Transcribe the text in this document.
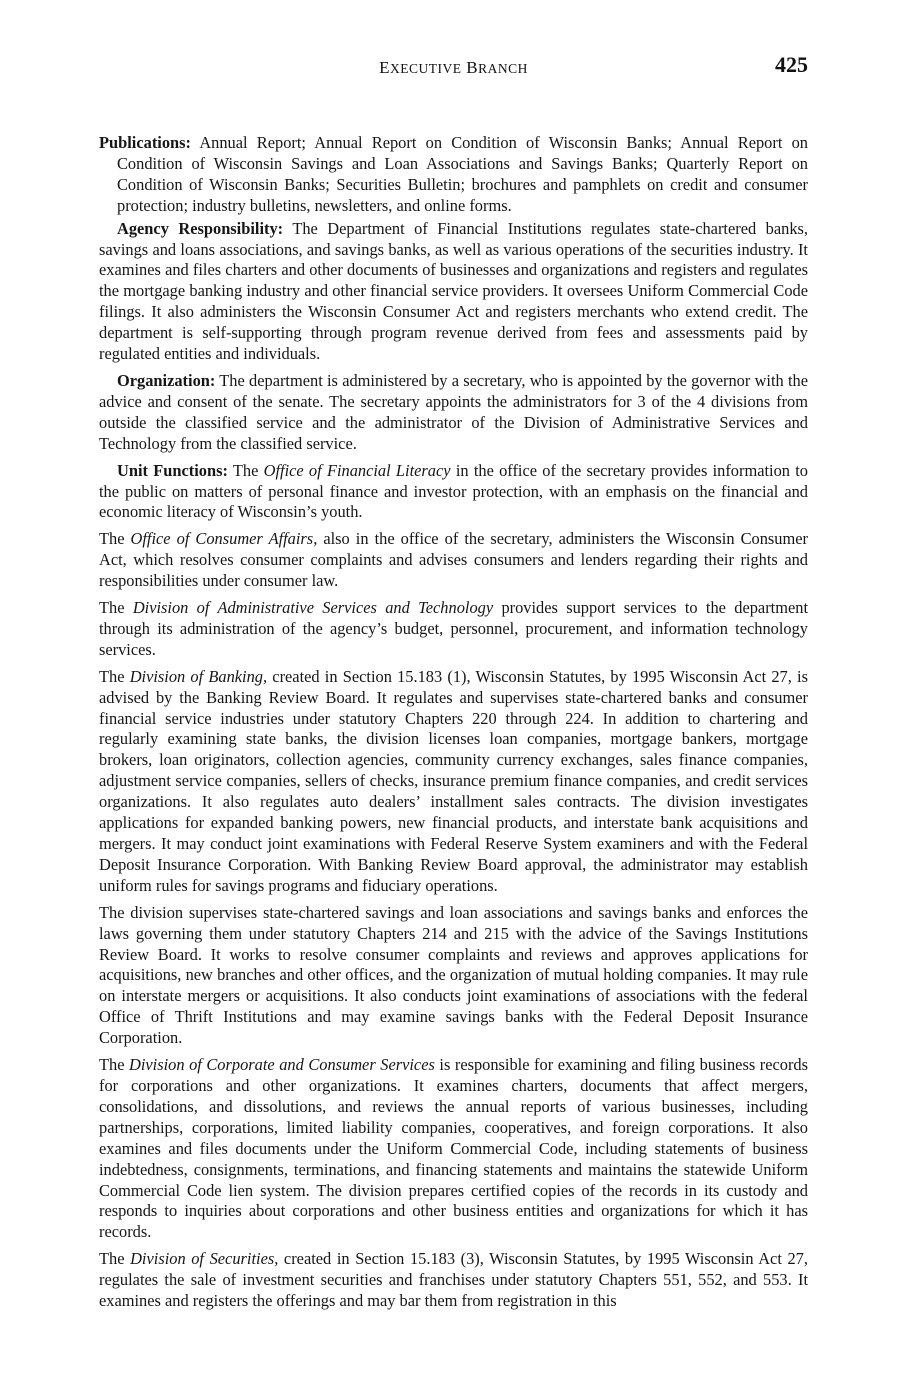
EXECUTIVE BRANCH	425

Publications: Annual Report; Annual Report on Condition of Wisconsin Banks; Annual Report on Condition of Wisconsin Savings and Loan Associations and Savings Banks; Quarterly Report on Condition of Wisconsin Banks; Securities Bulletin; brochures and pamphlets on credit and consumer protection; industry bulletins, newsletters, and online forms.

Agency Responsibility: The Department of Financial Institutions regulates state-chartered banks, savings and loans associations, and savings banks, as well as various operations of the securities industry. It examines and files charters and other documents of businesses and organizations and registers and regulates the mortgage banking industry and other financial service providers. It oversees Uniform Commercial Code filings. It also administers the Wisconsin Consumer Act and registers merchants who extend credit. The department is self-supporting through program revenue derived from fees and assessments paid by regulated entities and individuals.

Organization: The department is administered by a secretary, who is appointed by the governor with the advice and consent of the senate. The secretary appoints the administrators for 3 of the 4 divisions from outside the classified service and the administrator of the Division of Administrative Services and Technology from the classified service.

Unit Functions: The Office of Financial Literacy in the office of the secretary provides information to the public on matters of personal finance and investor protection, with an emphasis on the financial and economic literacy of Wisconsin’s youth.

The Office of Consumer Affairs, also in the office of the secretary, administers the Wisconsin Consumer Act, which resolves consumer complaints and advises consumers and lenders regarding their rights and responsibilities under consumer law.

The Division of Administrative Services and Technology provides support services to the department through its administration of the agency’s budget, personnel, procurement, and information technology services.

The Division of Banking, created in Section 15.183 (1), Wisconsin Statutes, by 1995 Wisconsin Act 27, is advised by the Banking Review Board. It regulates and supervises state-chartered banks and consumer financial service industries under statutory Chapters 220 through 224. In addition to chartering and regularly examining state banks, the division licenses loan companies, mortgage bankers, mortgage brokers, loan originators, collection agencies, community currency exchanges, sales finance companies, adjustment service companies, sellers of checks, insurance premium finance companies, and credit services organizations. It also regulates auto dealers’ installment sales contracts. The division investigates applications for expanded banking powers, new financial products, and interstate bank acquisitions and mergers. It may conduct joint examinations with Federal Reserve System examiners and with the Federal Deposit Insurance Corporation. With Banking Review Board approval, the administrator may establish uniform rules for savings programs and fiduciary operations.

The division supervises state-chartered savings and loan associations and savings banks and enforces the laws governing them under statutory Chapters 214 and 215 with the advice of the Savings Institutions Review Board. It works to resolve consumer complaints and reviews and approves applications for acquisitions, new branches and other offices, and the organization of mutual holding companies. It may rule on interstate mergers or acquisitions. It also conducts joint examinations of associations with the federal Office of Thrift Institutions and may examine savings banks with the Federal Deposit Insurance Corporation.

The Division of Corporate and Consumer Services is responsible for examining and filing business records for corporations and other organizations. It examines charters, documents that affect mergers, consolidations, and dissolutions, and reviews the annual reports of various businesses, including partnerships, corporations, limited liability companies, cooperatives, and foreign corporations. It also examines and files documents under the Uniform Commercial Code, including statements of business indebtedness, consignments, terminations, and financing statements and maintains the statewide Uniform Commercial Code lien system. The division prepares certified copies of the records in its custody and responds to inquiries about corporations and other business entities and organizations for which it has records.

The Division of Securities, created in Section 15.183 (3), Wisconsin Statutes, by 1995 Wisconsin Act 27, regulates the sale of investment securities and franchises under statutory Chapters 551, 552, and 553. It examines and registers the offerings and may bar them from registration in this
